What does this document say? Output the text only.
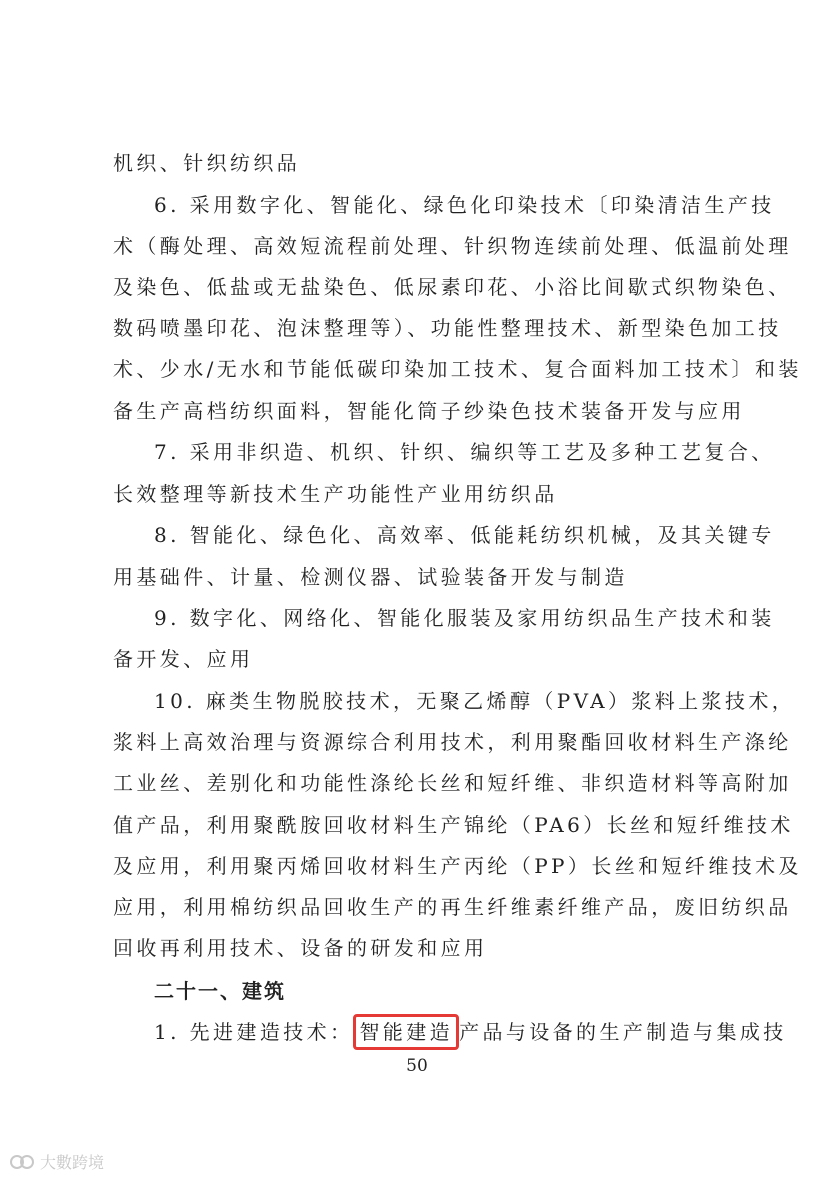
机织、针织纺织品
6. 采用数字化、智能化、绿色化印染技术〔印染清洁生产技
术（酶处理、高效短流程前处理、针织物连续前处理、低温前处理
及染色、低盐或无盐染色、低尿素印花、小浴比间歇式织物染色、
数码喷墨印花、泡沫整理等）、功能性整理技术、新型染色加工技
术、少水/无水和节能低碳印染加工技术、复合面料加工技术〕和装
备生产高档纺织面料，智能化筒子纱染色技术装备开发与应用
7. 采用非织造、机织、针织、编织等工艺及多种工艺复合、
长效整理等新技术生产功能性产业用纺织品
8. 智能化、绿色化、高效率、低能耗纺织机械，及其关键专
用基础件、计量、检测仪器、试验装备开发与制造
9. 数字化、网络化、智能化服装及家用纺织品生产技术和装
备开发、应用
10. 麻类生物脱胶技术，无聚乙烯醇（PVA）浆料上浆技术，
浆料上高效治理与资源综合利用技术，利用聚酯回收材料生产涤纶
工业丝、差别化和功能性涤纶长丝和短纤维、非织造材料等高附加
值产品，利用聚酰胺回收材料生产锦纶（PA6）长丝和短纤维技术
及应用，利用聚丙烯回收材料生产丙纶（PP）长丝和短纤维技术及
应用，利用棉纺织品回收生产的再生纤维素纤维产品，废旧纺织品
回收再利用技术、设备的研发和应用
二十一、建筑
1. 先进建造技术： 智能建造 产品与设备的生产制造与集成技
50
大數跨境
